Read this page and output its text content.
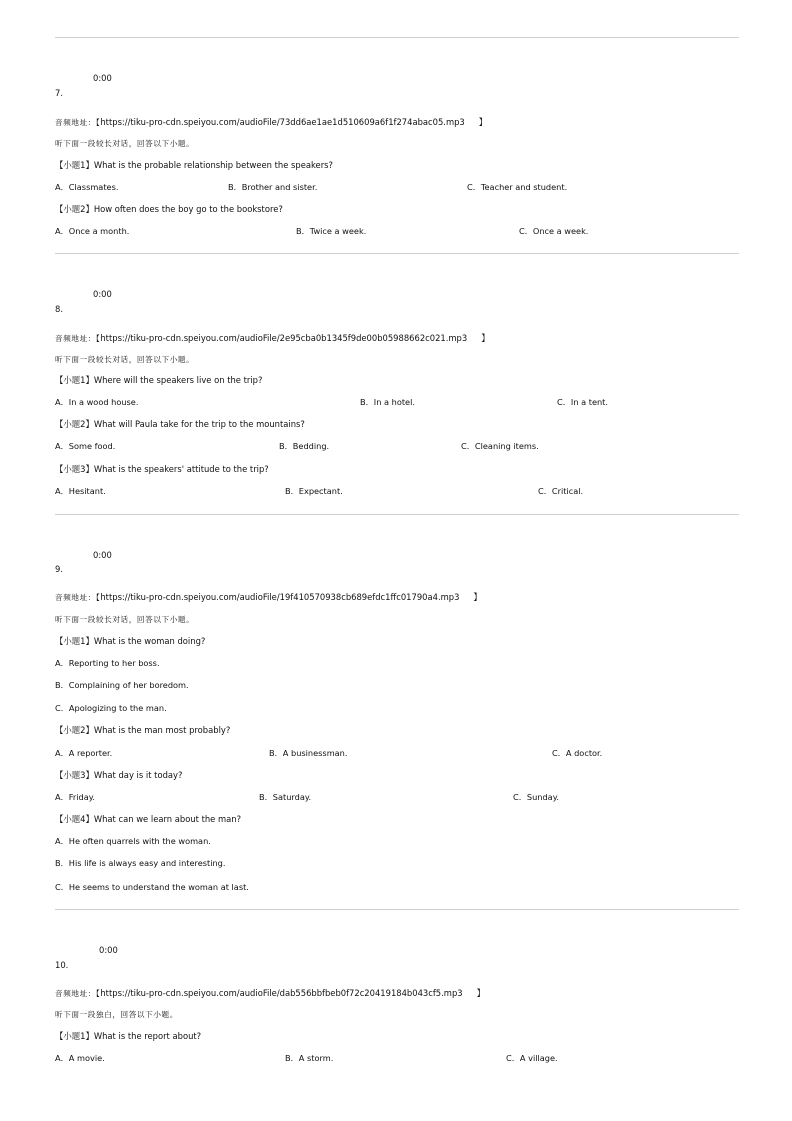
0:00
7.
音频地址：【https://tiku-pro-cdn.speiyou.com/audioFile/73dd6ae1ae1d510609a6f1f274abac05.mp3 】
听下面一段较长对话，回答以下小题。
【小题1】What is the probable relationship between the speakers?
A．Classmates.	B．Brother and sister.	C．Teacher and student.
【小题2】How often does the boy go to the bookstore?
A．Once a month.	B．Twice a week.	C．Once a week.
0:00
8.
音频地址：【https://tiku-pro-cdn.speiyou.com/audioFile/2e95cba0b1345f9de00b05988662c021.mp3 】
听下面一段较长对话，回答以下小题。
【小题1】Where will the speakers live on the trip?
A．In a wood house.	B．In a hotel.	C．In a tent.
【小题2】What will Paula take for the trip to the mountains?
A．Some food.	B．Bedding.	C．Cleaning items.
【小题3】What is the speakers' attitude to the trip?
A．Hesitant.	B．Expectant.	C．Critical.
0:00
9.
音频地址：【https://tiku-pro-cdn.speiyou.com/audioFile/19f410570938cb689efdc1ffc01790a4.mp3 】
听下面一段较长对话，回答以下小题。
【小题1】What is the woman doing?
A．Reporting to her boss.
B．Complaining of her boredom.
C．Apologizing to the man.
【小题2】What is the man most probably?
A．A reporter.	B．A businessman.	C．A doctor.
【小题3】What day is it today?
A．Friday.	B．Saturday.	C．Sunday.
【小题4】What can we learn about the man?
A．He often quarrels with the woman.
B．His life is always easy and interesting.
C．He seems to understand the woman at last.
0:00
10.
音频地址：【https://tiku-pro-cdn.speiyou.com/audioFile/dab556bbfbeb0f72c20419184b043cf5.mp3 】
听下面一段独白，回答以下小题。
【小题1】What is the report about?
A．A movie.	B．A storm.	C．A village.
